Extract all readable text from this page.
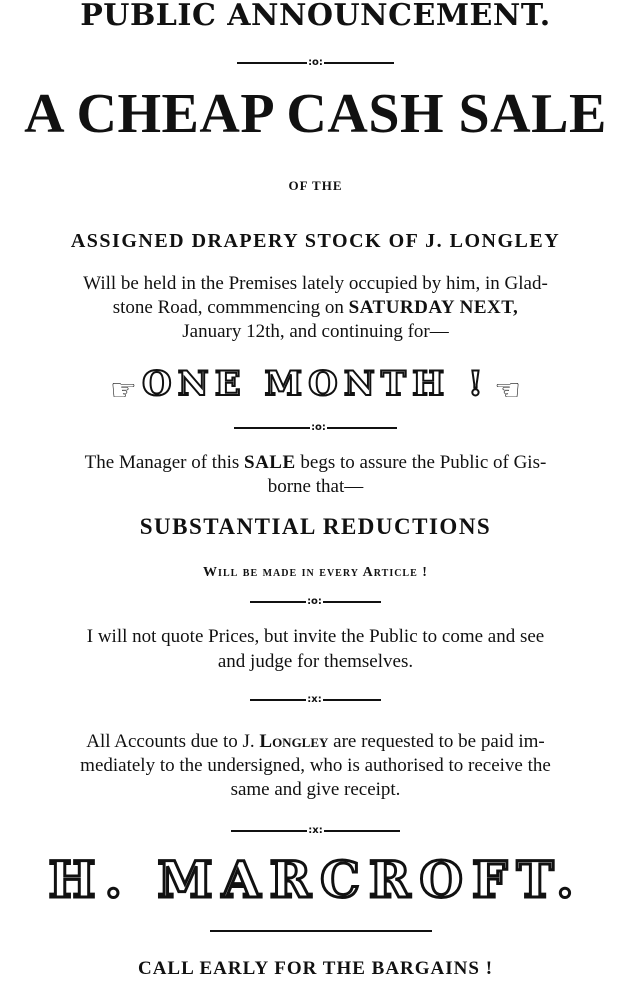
PUBLIC ANNOUNCEMENT.
:o:
A CHEAP CASH SALE
OF THE
ASSIGNED DRAPERY STOCK OF J. LONGLEY
Will be held in the Premises lately occupied by him, in Glad-
stone Road, commmencing on SATURDAY NEXT,
January 12th, and continuing for—
☞ ONE MONTH ! ☜
:o:
The Manager of this SALE begs to assure the Public of Gis-
borne that—
SUBSTANTIAL REDUCTIONS
Will be made in every Article !
:o:
I will not quote Prices, but invite the Public to come and see
and judge for themselves.
:x:
All Accounts due to J. Longley are requested to be paid im-
mediately to the undersigned, who is authorised to receive the
same and give receipt.
:x:
H. MARCROFT.
CALL EARLY FOR THE BARGAINS !
